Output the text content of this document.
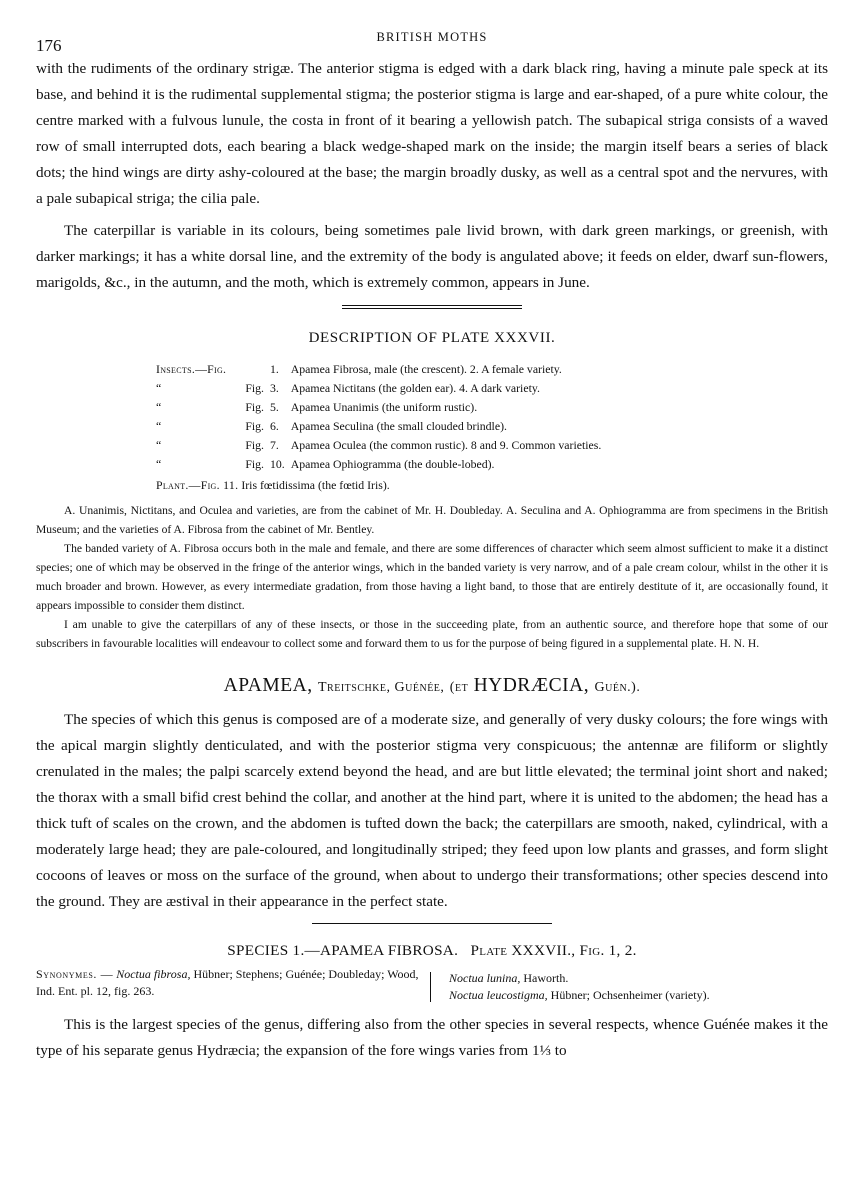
176	BRITISH MOTHS

with the rudiments of the ordinary strigæ. The anterior stigma is edged with a dark black ring, having a minute pale speck at its base, and behind it is the rudimental supplemental stigma; the posterior stigma is large and ear-shaped, of a pure white colour, the centre marked with a fulvous lunule, the costa in front of it bearing a yellowish patch. The subapical striga consists of a waved row of small interrupted dots, each bearing a black wedge-shaped mark on the inside; the margin itself bears a series of black dots; the hind wings are dirty ashy-coloured at the base; the margin broadly dusky, as well as a central spot and the nervures, with a pale subapical striga; the cilia pale.

The caterpillar is variable in its colours, being sometimes pale livid brown, with dark green markings, or greenish, with darker markings; it has a white dorsal line, and the extremity of the body is angulated above; it feeds on elder, dwarf sun-flowers, marigolds, &c., in the autumn, and the moth, which is extremely common, appears in June.

DESCRIPTION OF PLATE XXXVII.
Insects.—Fig.		1.	Apamea Fibrosa, male (the crescent). 2. A female variety.
“	Fig.	3.	Apamea Nictitans (the golden ear). 4. A dark variety.
“	Fig.	5.	Apamea Unanimis (the uniform rustic).
“	Fig.	6.	Apamea Seculina (the small clouded brindle).
“	Fig.	7.	Apamea Oculea (the common rustic). 8 and 9. Common varieties.
“	Fig.	10.	Apamea Ophiogramma (the double-lobed).
Plant.—Fig. 11. Iris fœtidissima (the fœtid Iris).

A. Unanimis, Nictitans, and Oculea and varieties, are from the cabinet of Mr. H. Doubleday. A. Seculina and A. Ophiogramma are from specimens in the British Museum; and the varieties of A. Fibrosa from the cabinet of Mr. Bentley.

The banded variety of A. Fibrosa occurs both in the male and female, and there are some differences of character which seem almost sufficient to make it a distinct species; one of which may be observed in the fringe of the anterior wings, which in the banded variety is very narrow, and of a pale cream colour, whilst in the other it is much broader and brown. However, as every intermediate gradation, from those having a light band, to those that are entirely destitute of it, are occasionally found, it appears impossible to consider them distinct.

I am unable to give the caterpillars of any of these insects, or those in the succeeding plate, from an authentic source, and therefore hope that some of our subscribers in favourable localities will endeavour to collect some and forward them to us for the purpose of being figured in a supplemental plate. H. N. H.

APAMEA, Treitschke, Guénée, (et HYDRÆCIA, Guén.).

The species of which this genus is composed are of a moderate size, and generally of very dusky colours; the fore wings with the apical margin slightly denticulated, and with the posterior stigma very conspicuous; the antennæ are filiform or slightly crenulated in the males; the palpi scarcely extend beyond the head, and are but little elevated; the terminal joint short and naked; the thorax with a small bifid crest behind the collar, and another at the hind part, where it is united to the abdomen; the head has a thick tuft of scales on the crown, and the abdomen is tufted down the back; the caterpillars are smooth, naked, cylindrical, with a moderately large head; they are pale-coloured, and longitudinally striped; they feed upon low plants and grasses, and form slight cocoons of leaves or moss on the surface of the ground, when about to undergo their transformations; other species descend into the ground. They are æstival in their appearance in the perfect state.

SPECIES 1.—APAMEA FIBROSA. Plate XXXVII., Fig. 1, 2.
Synonymes. — Noctua fibrosa, Hübner; Stephens; Guénée; Doubleday; Wood, Ind. Ent. pl. 12, fig. 263.
Noctua lunina, Haworth.
Noctua leucostigma, Hübner; Ochsenheimer (variety).

This is the largest species of the genus, differing also from the other species in several respects, whence Guénée makes it the type of his separate genus Hydræcia; the expansion of the fore wings varies from 1⅓ to
